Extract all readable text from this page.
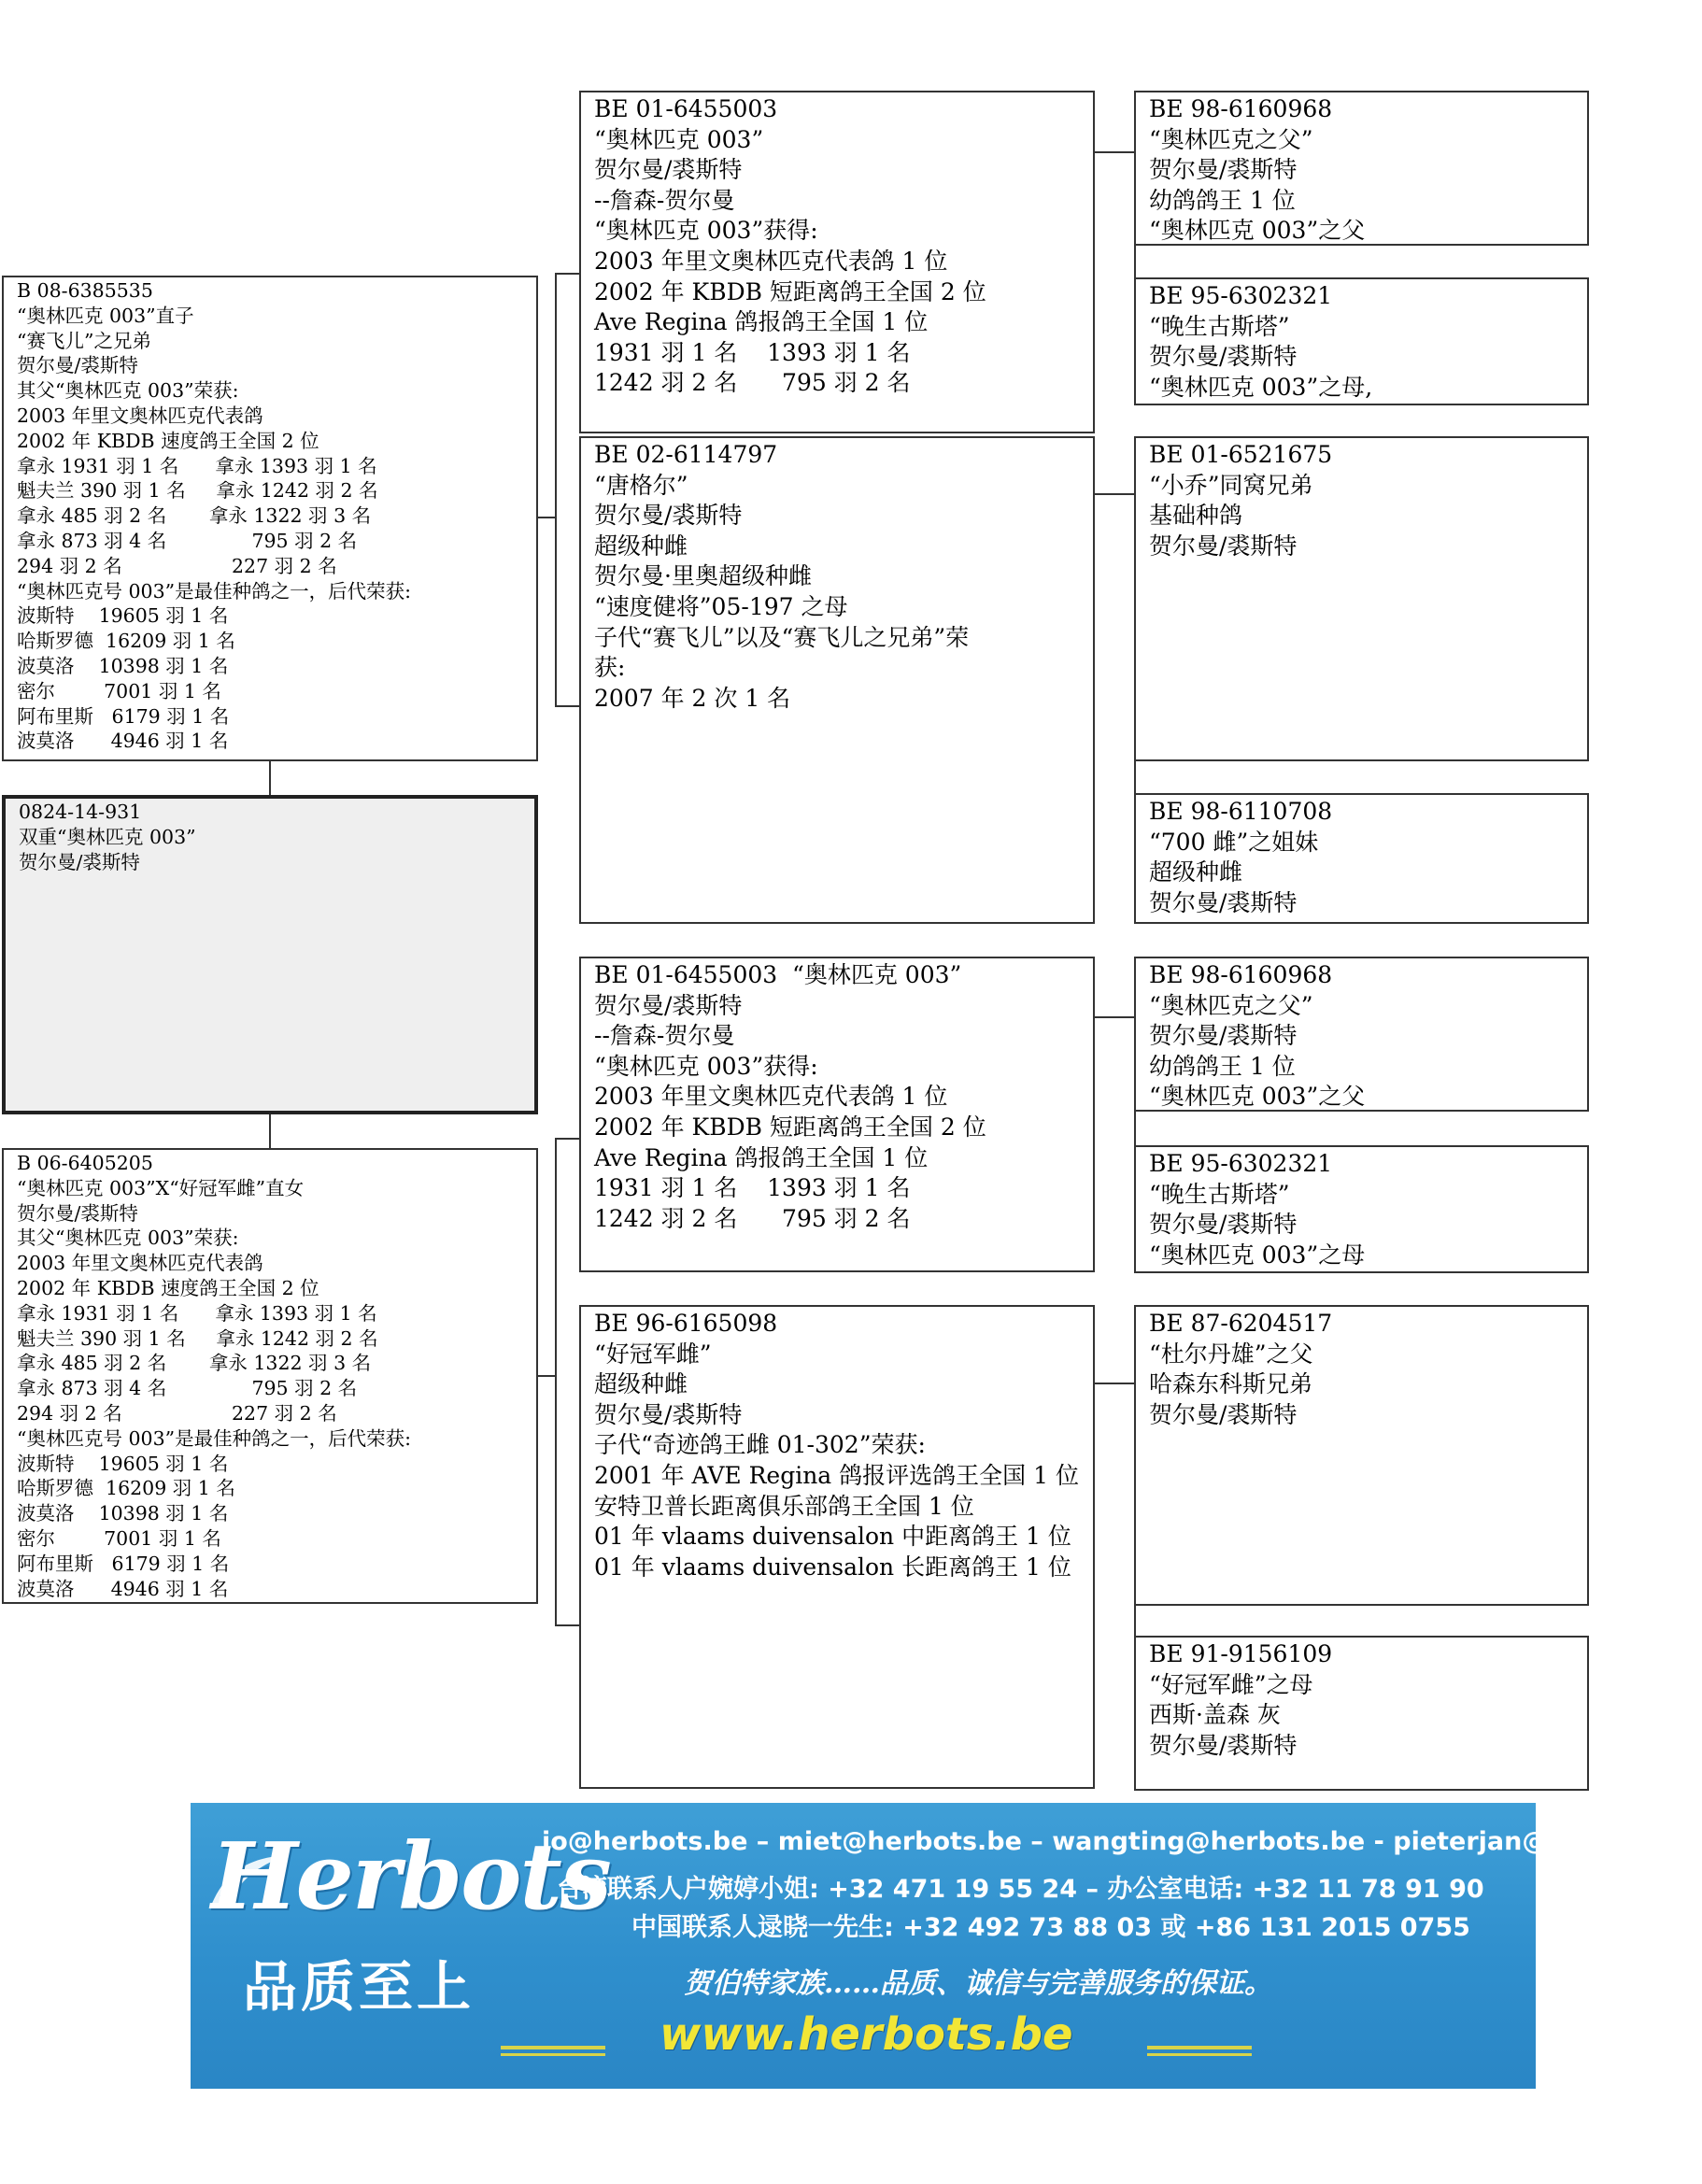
B 08-6385535
“奥林匹克 003”直子
“赛飞儿”之兄弟
贺尔曼/裘斯特
其父“奥林匹克 003”荣获:
2003 年里文奥林匹克代表鸽
2002 年 KBDB 速度鸽王全国 2 位
拿永 1931 羽 1 名      拿永 1393 羽 1 名
魁夫兰 390 羽 1 名     拿永 1242 羽 2 名
拿永 485 羽 2 名       拿永 1322 羽 3 名
拿永 873 羽 4 名              795 羽 2 名
294 羽 2 名                  227 羽 2 名
“奥林匹克号 003”是最佳种鸽之一，后代荣获:
波斯特    19605 羽 1 名
哈斯罗德  16209 羽 1 名
波莫洛    10398 羽 1 名
密尔        7001 羽 1 名
阿布里斯   6179 羽 1 名
波莫洛      4946 羽 1 名
0824-14-931
双重“奥林匹克 003”
贺尔曼/裘斯特
B 06-6405205
“奥林匹克 003”X“好冠军雌”直女
贺尔曼/裘斯特
其父“奥林匹克 003”荣获:
2003 年里文奥林匹克代表鸽
2002 年 KBDB 速度鸽王全国 2 位
拿永 1931 羽 1 名      拿永 1393 羽 1 名
魁夫兰 390 羽 1 名     拿永 1242 羽 2 名
拿永 485 羽 2 名       拿永 1322 羽 3 名
拿永 873 羽 4 名              795 羽 2 名
294 羽 2 名                  227 羽 2 名
“奥林匹克号 003”是最佳种鸽之一，后代荣获:
波斯特    19605 羽 1 名
哈斯罗德  16209 羽 1 名
波莫洛    10398 羽 1 名
密尔        7001 羽 1 名
阿布里斯   6179 羽 1 名
波莫洛      4946 羽 1 名
BE 01-6455003
“奥林匹克 003”
贺尔曼/裘斯特
--詹森-贺尔曼
“奥林匹克 003”获得:
2003 年里文奥林匹克代表鸽 1 位
2002 年 KBDB 短距离鸽王全国 2 位
Ave Regina 鸽报鸽王全国 1 位
1931 羽 1 名    1393 羽 1 名
1242 羽 2 名      795 羽 2 名
BE 02-6114797
“唐格尔”
贺尔曼/裘斯特
超级种雌
贺尔曼·里奥超级种雌
“速度健将”05-197 之母
子代“赛飞儿”以及“赛飞儿之兄弟”荣
获:
2007 年 2 次 1 名
BE 01-6455003  “奥林匹克 003”
贺尔曼/裘斯特
--詹森-贺尔曼
“奥林匹克 003”获得:
2003 年里文奥林匹克代表鸽 1 位
2002 年 KBDB 短距离鸽王全国 2 位
Ave Regina 鸽报鸽王全国 1 位
1931 羽 1 名    1393 羽 1 名
1242 羽 2 名      795 羽 2 名
BE 96-6165098
“好冠军雌”
超级种雌
贺尔曼/裘斯特
子代“奇迹鸽王雌 01-302”荣获:
2001 年 AVE Regina 鸽报评选鸽王全国 1 位
安特卫普长距离俱乐部鸽王全国 1 位
01 年 vlaams duivensalon 中距离鸽王 1 位
01 年 vlaams duivensalon 长距离鸽王 1 位
BE 98-6160968
“奥林匹克之父”
贺尔曼/裘斯特
幼鸽鸽王 1 位
“奥林匹克 003”之父
BE 95-6302321
“晚生古斯塔”
贺尔曼/裘斯特
“奥林匹克 003”之母,
BE 01-6521675
“小乔”同窝兄弟
基础种鸽
贺尔曼/裘斯特
BE 98-6110708
“700 雌”之姐妹
超级种雌
贺尔曼/裘斯特
BE 98-6160968
“奥林匹克之父”
贺尔曼/裘斯特
幼鸽鸽王 1 位
“奥林匹克 003”之父
BE 95-6302321
“晚生古斯塔”
贺尔曼/裘斯特
“奥林匹克 003”之母
BE 87-6204517
“杜尔丹雄”之父
哈森东科斯兄弟
贺尔曼/裘斯特
BE 91-9156109
“好冠军雌”之母
西斯·盖森 灰
贺尔曼/裘斯特
Herbots
品质至上
jo@herbots.be – miet@herbots.be – wangting@herbots.be - pieterjan@herbots.be
台湾联系人户婉婷小姐: +32 471 19 55 24 – 办公室电话: +32 11 78 91 90
中国联系人逯晓一先生: +32 492 73 88 03 或 +86 131 2015 0755
贺伯特家族……品质、诚信与完善服务的保证。
www.herbots.be
